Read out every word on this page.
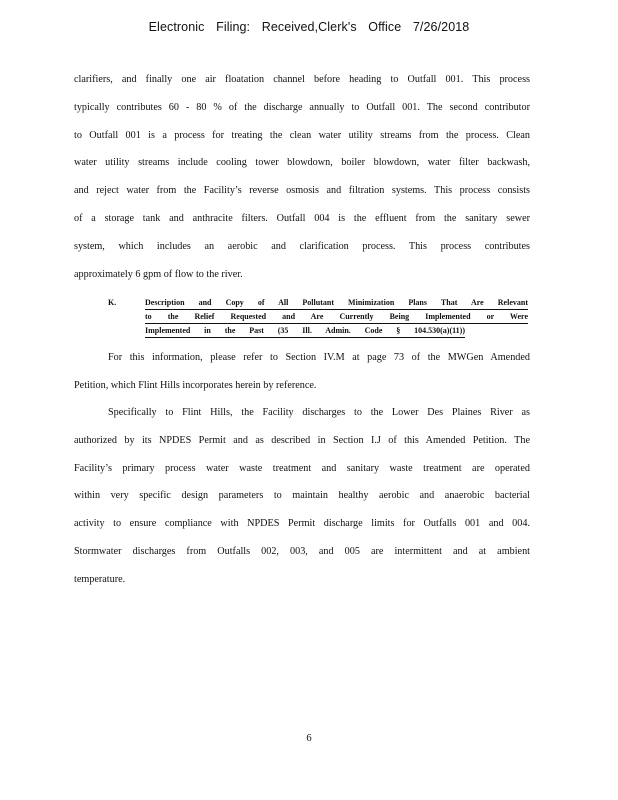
Electronic Filing: Received,Clerk's Office 7/26/2018
clarifiers, and finally one air floatation channel before heading to Outfall 001. This process
typically contributes 60 - 80 % of the discharge annually to Outfall 001. The second contributor
to Outfall 001 is a process for treating the clean water utility streams from the process. Clean
water utility streams include cooling tower blowdown, boiler blowdown, water filter backwash,
and reject water from the Facility’s reverse osmosis and filtration systems. This process consists
of a storage tank and anthracite filters. Outfall 004 is the effluent from the sanitary sewer
system, which includes an aerobic and clarification process. This process contributes
approximately 6 gpm of flow to the river.
K.	Description and Copy of All Pollutant Minimization Plans That Are Relevant
to the Relief Requested and Are Currently Being Implemented or Were
Implemented in the Past (35 Ill. Admin. Code § 104.530(a)(11))
For this information, please refer to Section IV.M at page 73 of the MWGen Amended
Petition, which Flint Hills incorporates herein by reference.
Specifically to Flint Hills, the Facility discharges to the Lower Des Plaines River as
authorized by its NPDES Permit and as described in Section I.J of this Amended Petition. The
Facility’s primary process water waste treatment and sanitary waste treatment are operated
within very specific design parameters to maintain healthy aerobic and anaerobic bacterial
activity to ensure compliance with NPDES Permit discharge limits for Outfalls 001 and 004.
Stormwater discharges from Outfalls 002, 003, and 005 are intermittent and at ambient
temperature.
6
